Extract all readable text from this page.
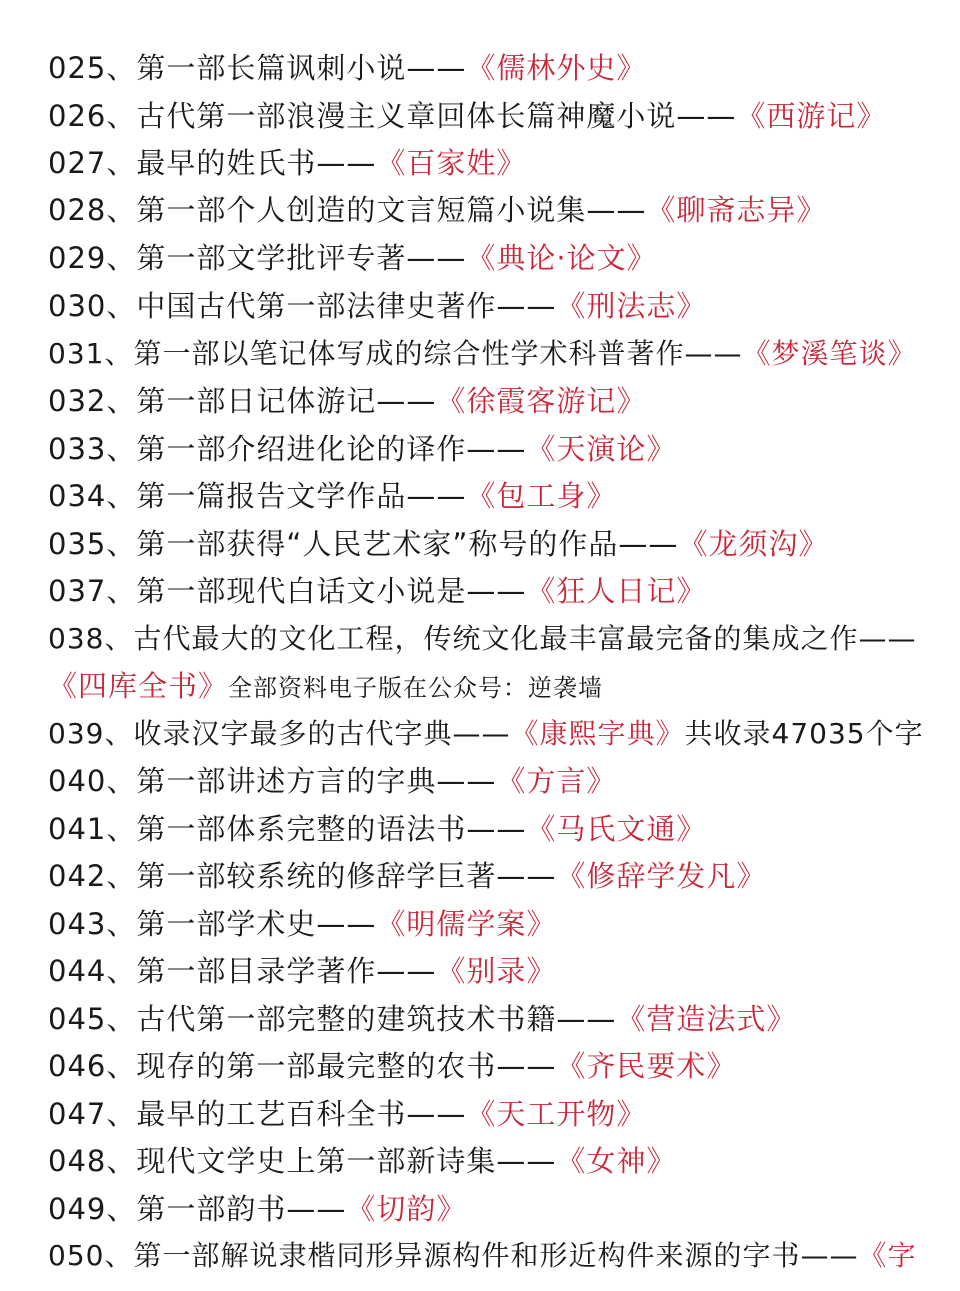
025、第一部长篇讽刺小说——《儒林外史》
026、古代第一部浪漫主义章回体长篇神魔小说——《西游记》
027、最早的姓氏书——《百家姓》
028、第一部个人创造的文言短篇小说集——《聊斋志异》
029、第一部文学批评专著——《典论·论文》
030、中国古代第一部法律史著作——《刑法志》
031、第一部以笔记体写成的综合性学术科普著作——《梦溪笔谈》
032、第一部日记体游记——《徐霞客游记》
033、第一部介绍进化论的译作——《天演论》
034、第一篇报告文学作品——《包工身》
035、第一部获得“人民艺术家”称号的作品——《龙须沟》
037、第一部现代白话文小说是——《狂人日记》
038、古代最大的文化工程，传统文化最丰富最完备的集成之作——
《四库全书》全部资料电子版在公众号：逆袭墙
039、收录汉字最多的古代字典——《康熙字典》共收录47035个字
040、第一部讲述方言的字典——《方言》
041、第一部体系完整的语法书——《马氏文通》
042、第一部较系统的修辞学巨著——《修辞学发凡》
043、第一部学术史——《明儒学案》
044、第一部目录学著作——《别录》
045、古代第一部完整的建筑技术书籍——《营造法式》
046、现存的第一部最完整的农书——《齐民要术》
047、最早的工艺百科全书——《天工开物》
048、现代文学史上第一部新诗集——《女神》
049、第一部韵书——《切韵》
050、第一部解说隶楷同形异源构件和形近构件来源的字书——《字
